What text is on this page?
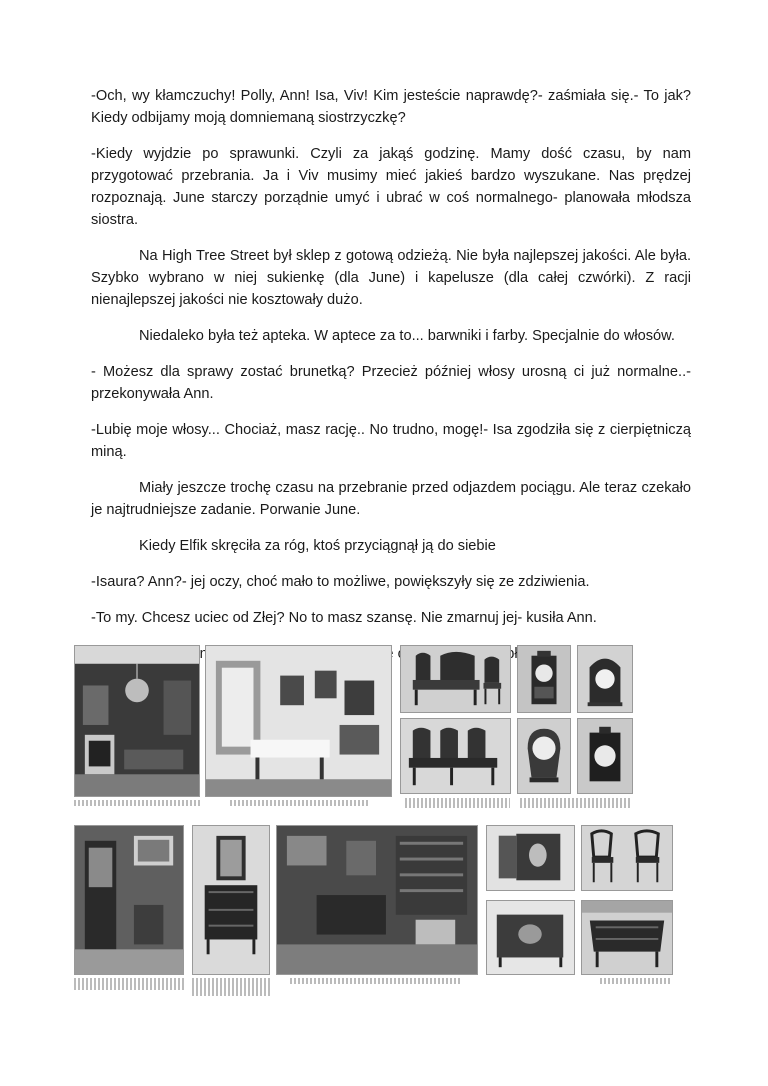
-Och, wy kłamczuchy! Polly, Ann! Isa, Viv! Kim jesteście naprawdę?- zaśmiała się.- To jak? Kiedy odbijamy moją domniemaną siostrzyczkę?

-Kiedy wyjdzie po sprawunki. Czyli za jakąś godzinę. Mamy dość czasu, by nam przygotować przebrania. Ja i Viv musimy mieć jakieś bardzo wyszukane. Nas prędzej rozpoznają. June starczy porządnie umyć i ubrać w coś normalnego- planowała młodsza siostra.

Na High Tree Street był sklep z gotową odzieżą. Nie była najlepszej jakości. Ale była. Szybko wybrano w niej sukienkę (dla June) i kapelusze (dla całej czwórki). Z racji nienajlepszej jakości nie kosztowały dużo.

Niedaleko była też apteka. W aptece za to... barwniki i farby. Specjalnie do włosów.

- Możesz dla sprawy zostać brunetką? Przecież później włosy urosną ci już normalne..- przekonywała Ann.

-Lubię moje włosy... Chociaż, masz rację.. No trudno, mogę!- Isa zgodziła się z cierpiętniczą miną.

Miały jeszcze trochę czasu na przebranie przed odjazdem pociągu. Ale teraz czekało je najtrudniejsze zadanie. Porwanie June.

Kiedy Elfik skręciła za róg, ktoś przyciągnął ją do siebie

-Isaura? Ann?- jej oczy, choć mało to możliwe, powiększyły się ze zdziwienia.

-To my. Chcesz uciec od Złej? No to masz szansę. Nie zmarnuj jej- kusiła Ann.
